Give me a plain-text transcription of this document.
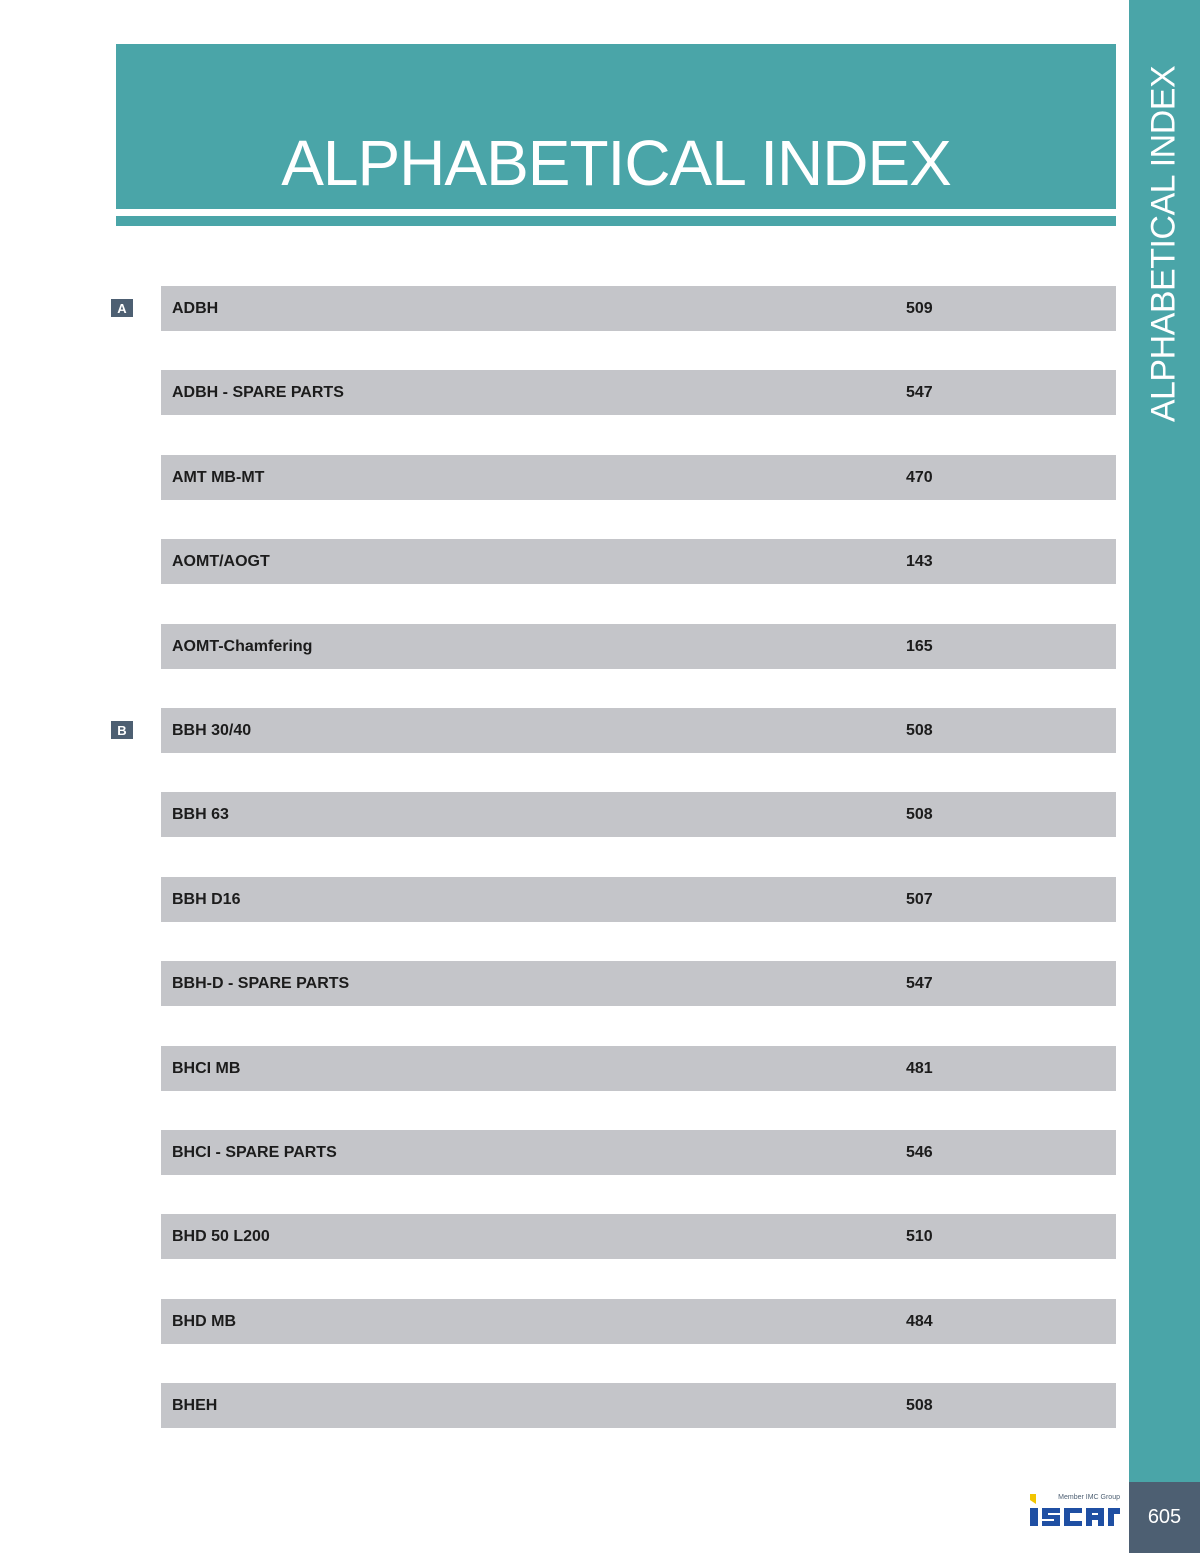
ALPHABETICAL INDEX	ALPHABETICAL INDEX
605
ADBH	509
ADBH - SPARE PARTS	547
AMT MB-MT	470
AOMT/AOGT	143
AOMT-Chamfering	165
BBH 30/40	508
BBH 63	508
BBH D16	507
BBH-D - SPARE PARTS	547
BHCI MB	481
BHCI - SPARE PARTS	546
BHD 50 L200	510
BHD MB	484
BHEH	508
A
B
Member IMC Group
